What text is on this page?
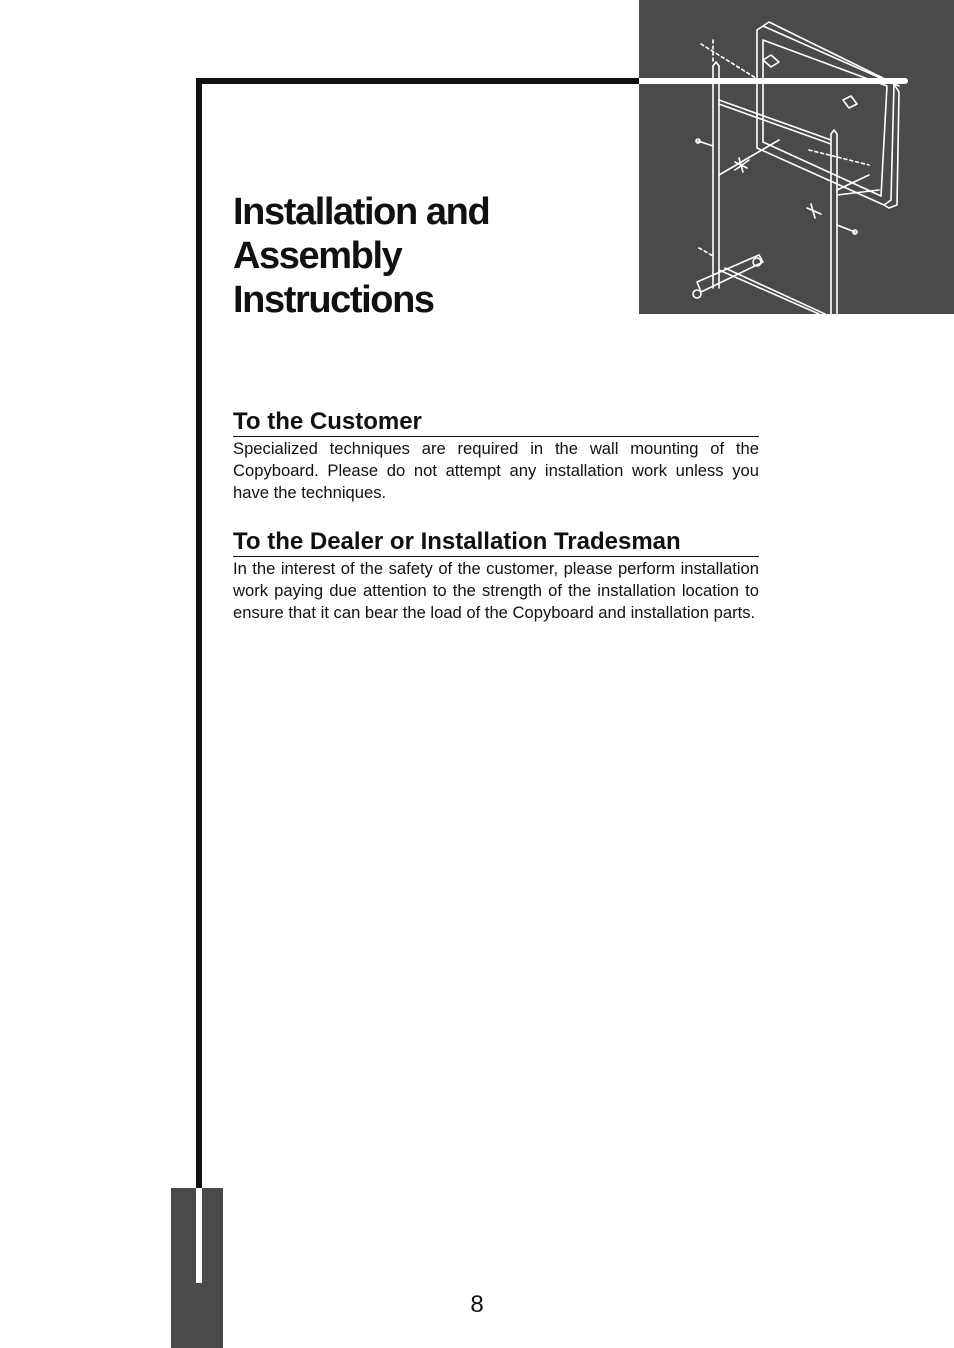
Installation and
Assembly
Instructions
To the Customer

Specialized techniques are required in the wall mounting of the Copyboard. Please do not attempt any installation work unless you have the techniques.

To the Dealer or Installation Tradesman

In the interest of the safety of the customer, please perform installation work paying due attention to the strength of the installation location to ensure that it can bear the load of the Copyboard and installation parts.

8
